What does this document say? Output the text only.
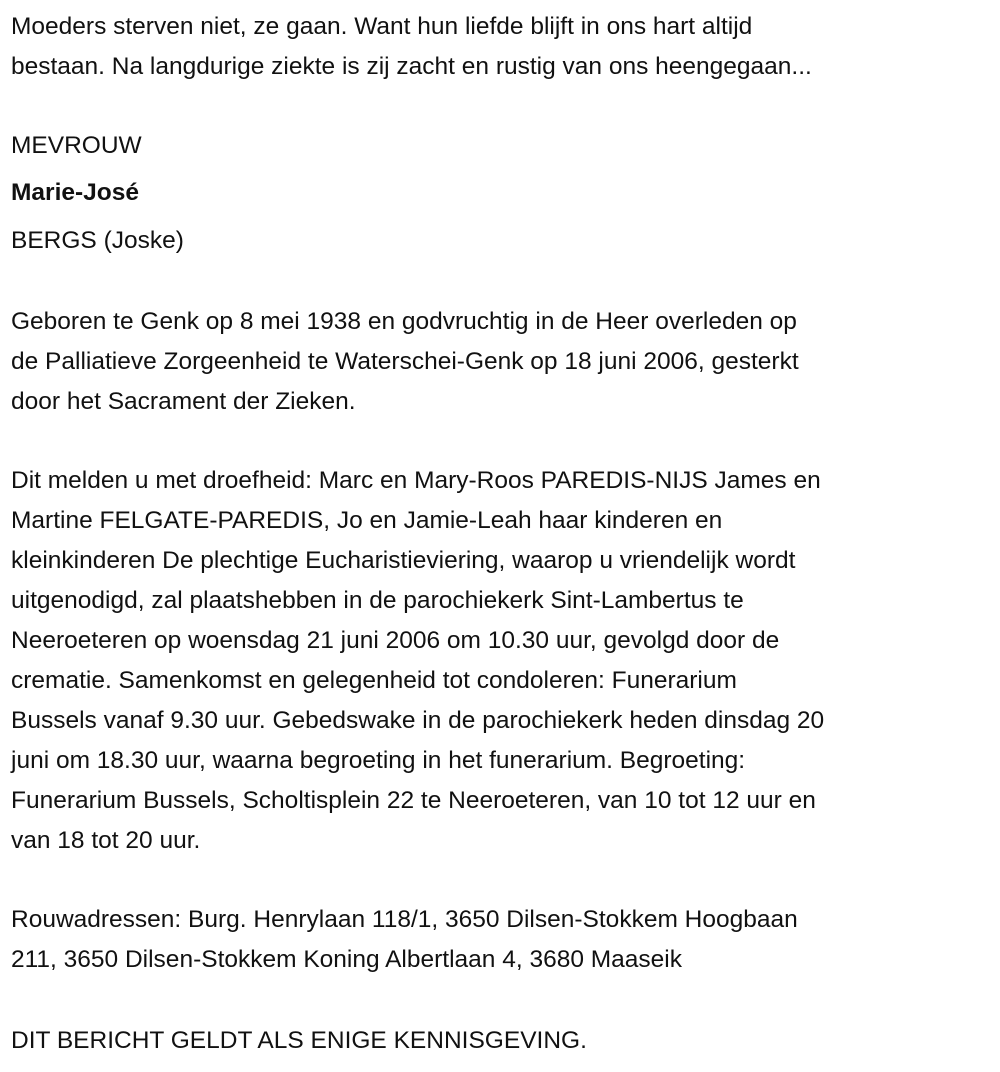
Moeders sterven niet, ze gaan. Want hun liefde blijft in ons hart altijd
bestaan. Na langdurige ziekte is zij zacht en rustig van ons heengegaan...
MEVROUW
Marie-José
BERGS (Joske)
Geboren te Genk op 8 mei 1938 en godvruchtig in de Heer overleden op
de Palliatieve Zorgeenheid te Waterschei-Genk op 18 juni 2006, gesterkt
door het Sacrament der Zieken.
Dit melden u met droefheid: Marc en Mary-Roos PAREDIS-NIJS James en
Martine FELGATE-PAREDIS, Jo en Jamie-Leah haar kinderen en
kleinkinderen De plechtige Eucharistieviering, waarop u vriendelijk wordt
uitgenodigd, zal plaatshebben in de parochiekerk Sint-Lambertus te
Neeroeteren op woensdag 21 juni 2006 om 10.30 uur, gevolgd door de
crematie. Samenkomst en gelegenheid tot condoleren: Funerarium
Bussels vanaf 9.30 uur. Gebedswake in de parochiekerk heden dinsdag 20
juni om 18.30 uur, waarna begroeting in het funerarium. Begroeting:
Funerarium Bussels, Scholtisplein 22 te Neeroeteren, van 10 tot 12 uur en
van 18 tot 20 uur.
Rouwadressen: Burg. Henrylaan 118/1, 3650 Dilsen-Stokkem Hoogbaan
211, 3650 Dilsen-Stokkem Koning Albertlaan 4, 3680 Maaseik
DIT BERICHT GELDT ALS ENIGE KENNISGEVING.
